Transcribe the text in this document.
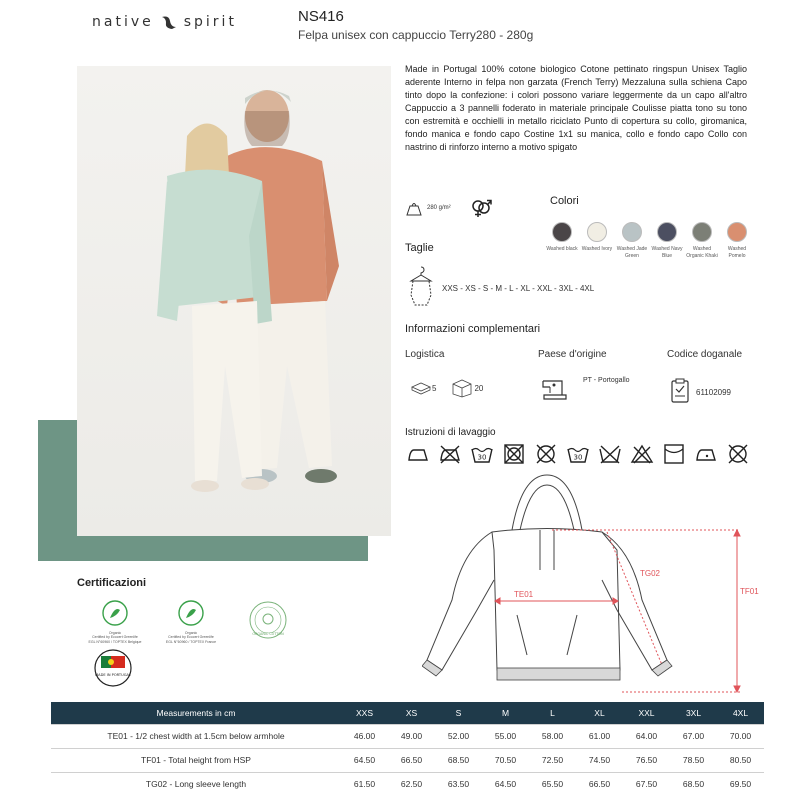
native spirit	NS416
Felpa unisex con cappuccio Terry280 - 280g
Made in Portugal 100% cotone biologico Cotone pettinato ringspun Unisex Taglio aderente Interno in felpa non garzata (French Terry) Mezzaluna sulla schiena Capo tinto dopo la confezione: i colori possono variare leggermente da un capo all'altro Cappuccio a 3 pannelli foderato in materiale principale Coulisse piatta tono su tono con estremità e occhielli in metallo riciclato Punto di copertura su collo, giromanica, fondo manica e fondo capo Costine 1x1 su manica, collo e fondo capo Collo con nastrino di rinforzo interno a motivo spigato
280 g/m²
Colori
Washed black Washed Ivory Washed Jade Green
Washed Navy Blue
Washed Organic Khaki
Washed Pomelo
Taglie
XXS - XS - S - M - L - XL - XXL - 3XL - 4XL
Informazioni complementari
Logistica	Paese d'origine	Codice doganale
5	20
PT - Portogallo
61102099
Istruzioni di lavaggio
30	30
TE01
TG02
TF01
Certificazioni
Organic
Certified by Ecocert Greenlife
EGL N°60960 / TOPTEX Belgique
Organic
Certified by Ecocert Greenlife
EGL N°60960 / TOPTEX France
ORGANIC COTTON
MADE IN PORTUGAL
Measurements in cm	XXS	XS	S	M	L	XL	XXL	3XL	4XL
TE01 - 1/2 chest width at 1.5cm below armhole	46.00	49.00	52.00	55.00	58.00	61.00	64.00	67.00	70.00
TF01 - Total height from HSP	64.50	66.50	68.50	70.50	72.50	74.50	76.50	78.50	80.50
TG02 - Long sleeve length	61.50	62.50	63.50	64.50	65.50	66.50	67.50	68.50	69.50
